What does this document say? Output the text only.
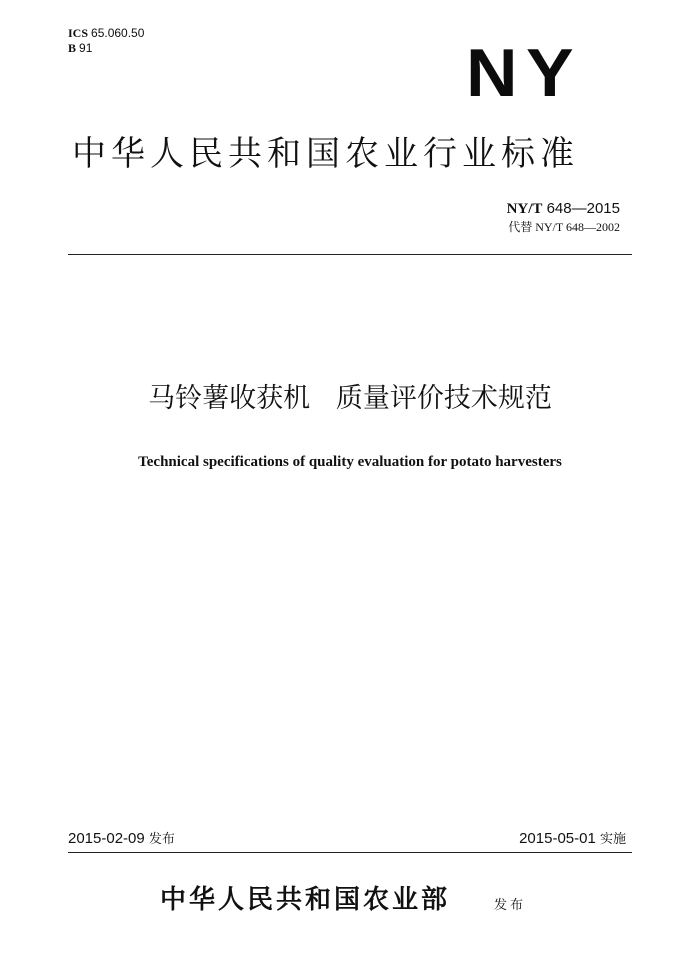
ICS 65.060.50
B 91	NY
中华人民共和国农业行业标准
NY/T 648—2015
代替 NY/T 648—2002
马铃薯收获机   质量评价技术规范
Technical specifications of quality evaluation for potato harvesters
2015-02-09 发布	2015-05-01 实施
中华人民共和国农业部	发布
